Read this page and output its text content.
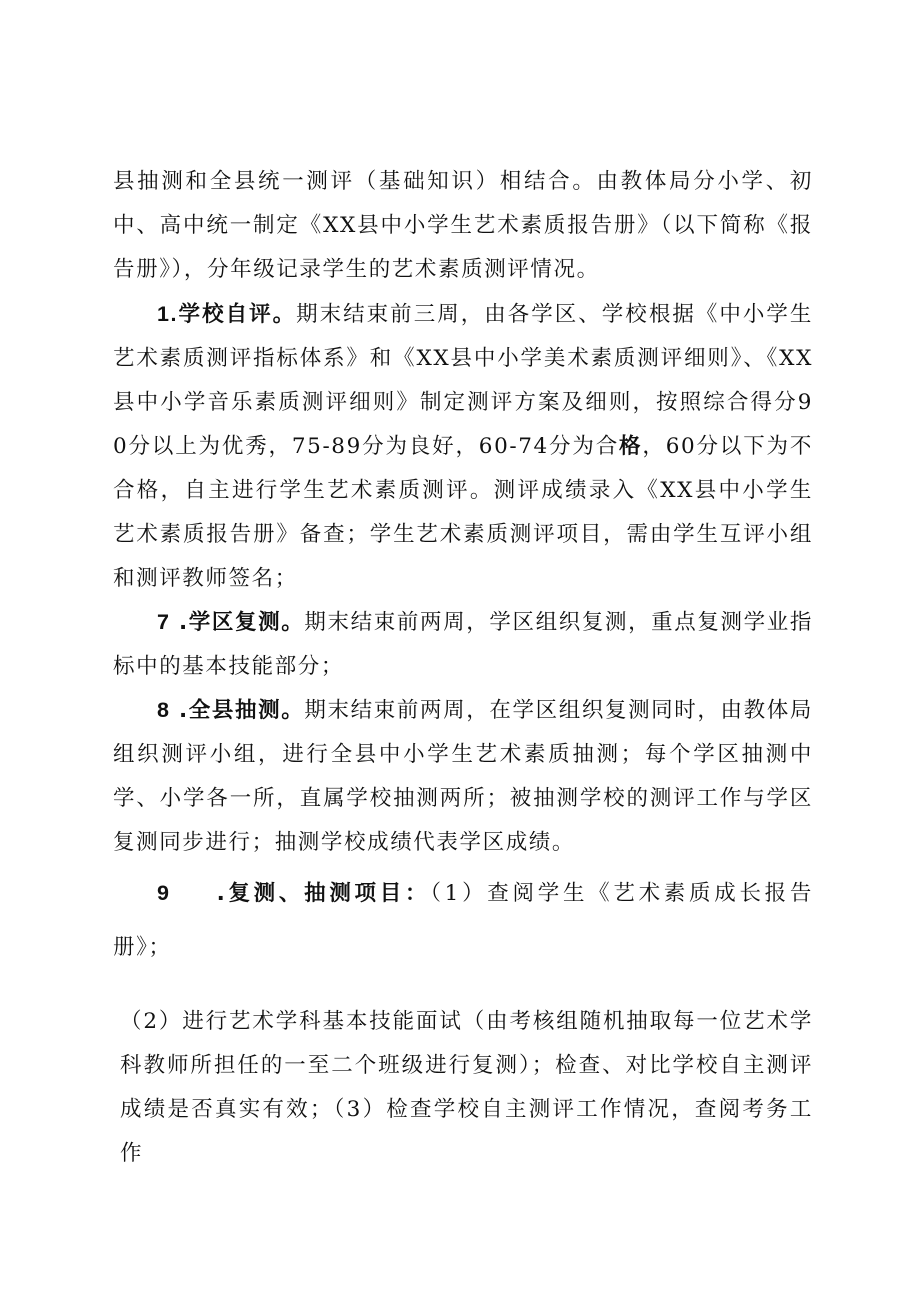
县抽测和全县统一测评（基础知识）相结合。由教体局分小学、初中、高中统一制定《XX县中小学生艺术素质报告册》（以下简称《报告册》），分年级记录学生的艺术素质测评情况。

1.学校自评。期末结束前三周，由各学区、学校根据《中小学生艺术素质测评指标体系》和《XX县中小学美术素质测评细则》、《XX县中小学音乐素质测评细则》制定测评方案及细则，按照综合得分90分以上为优秀，75-89分为良好，60-74分为合格，60分以下为不合格，自主进行学生艺术素质测评。测评成绩录入《XX县中小学生艺术素质报告册》备查；学生艺术素质测评项目，需由学生互评小组和测评教师签名；

7 .学区复测。期末结束前两周，学区组织复测，重点复测学业指标中的基本技能部分；

8 .全县抽测。期末结束前两周，在学区组织复测同时，由教体局组织测评小组，进行全县中小学生艺术素质抽测；每个学区抽测中学、小学各一所，直属学校抽测两所；被抽测学校的测评工作与学区复测同步进行；抽测学校成绩代表学区成绩。

9 .复测、抽测项目：（1）查阅学生《艺术素质成长报告册》；

（2）进行艺术学科基本技能面试（由考核组随机抽取每一位艺术学科教师所担任的一至二个班级进行复测）；检查、对比学校自主测评成绩是否真实有效；（3）检查学校自主测评工作情况，查阅考务工作
